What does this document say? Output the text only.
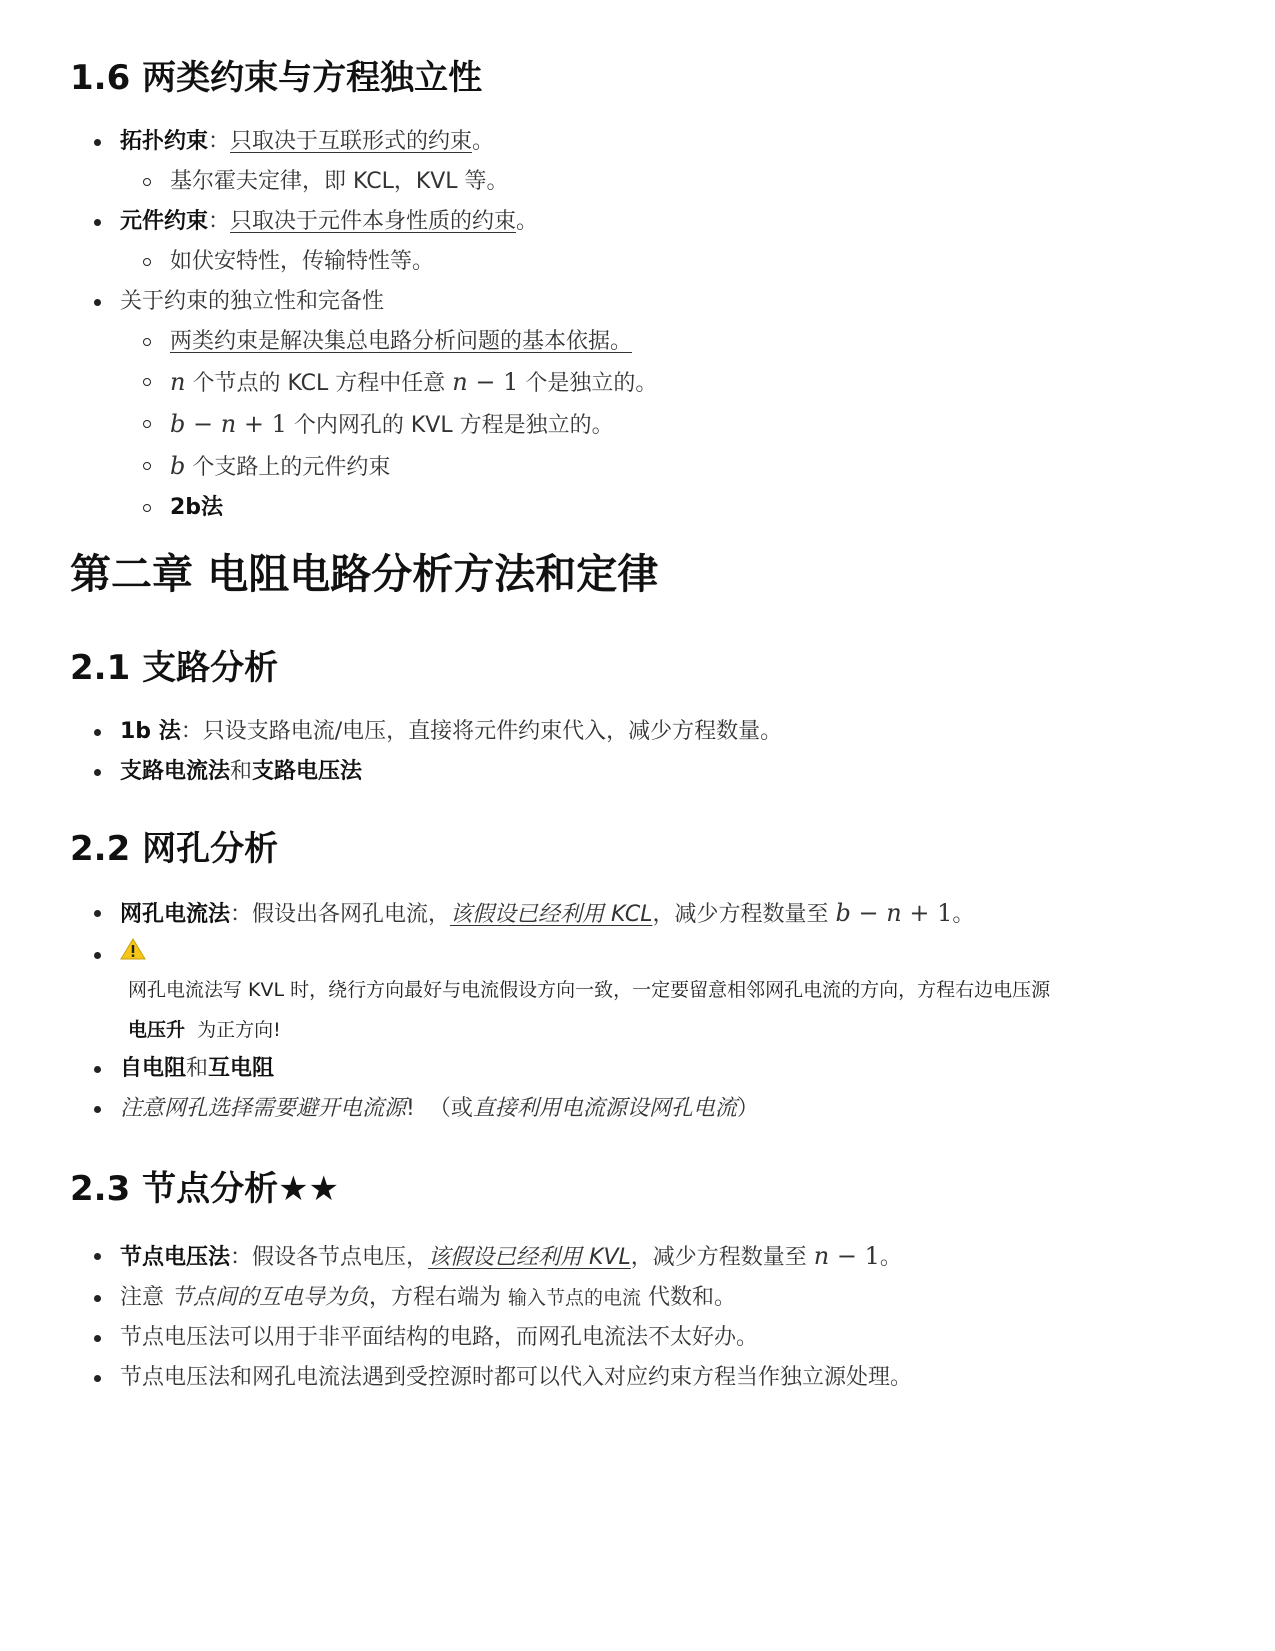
1.6 两类约束与方程独立性
拓扑约束：只取决于互联形式的约束。
基尔霍夫定律，即 KCL，KVL 等。
元件约束：只取决于元件本身性质的约束。
如伏安特性，传输特性等。
关于约束的独立性和完备性
两类约束是解决集总电路分析问题的基本依据。
n 个节点的 KCL 方程中任意 n − 1 个是独立的。
b − n + 1 个内网孔的 KVL 方程是独立的。
b 个支路上的元件约束
2b法
第二章 电阻电路分析方法和定律
2.1 支路分析
1b 法：只设支路电流/电压，直接将元件约束代入，减少方程数量。
支路电流法和支路电压法
2.2 网孔分析
网孔电流法：假设出各网孔电流，该假设已经利用 KCL，减少方程数量至 b − n + 1。
网孔电流法写 KVL 时，绕行方向最好与电流假设方向一致，一定要留意相邻网孔电流的方向，方程右边电压源
电压升  为正方向!
自电阻和互电阻
注意网孔选择需要避开电流源!  （或直接利用电流源设网孔电流）
2.3 节点分析★★
节点电压法：假设各节点电压，该假设已经利用 KVL，减少方程数量至 n − 1。
注意 节点间的互电导为负，方程右端为 输入节点的电流 代数和。
节点电压法可以用于非平面结构的电路，而网孔电流法不太好办。
节点电压法和网孔电流法遇到受控源时都可以代入对应约束方程当作独立源处理。
